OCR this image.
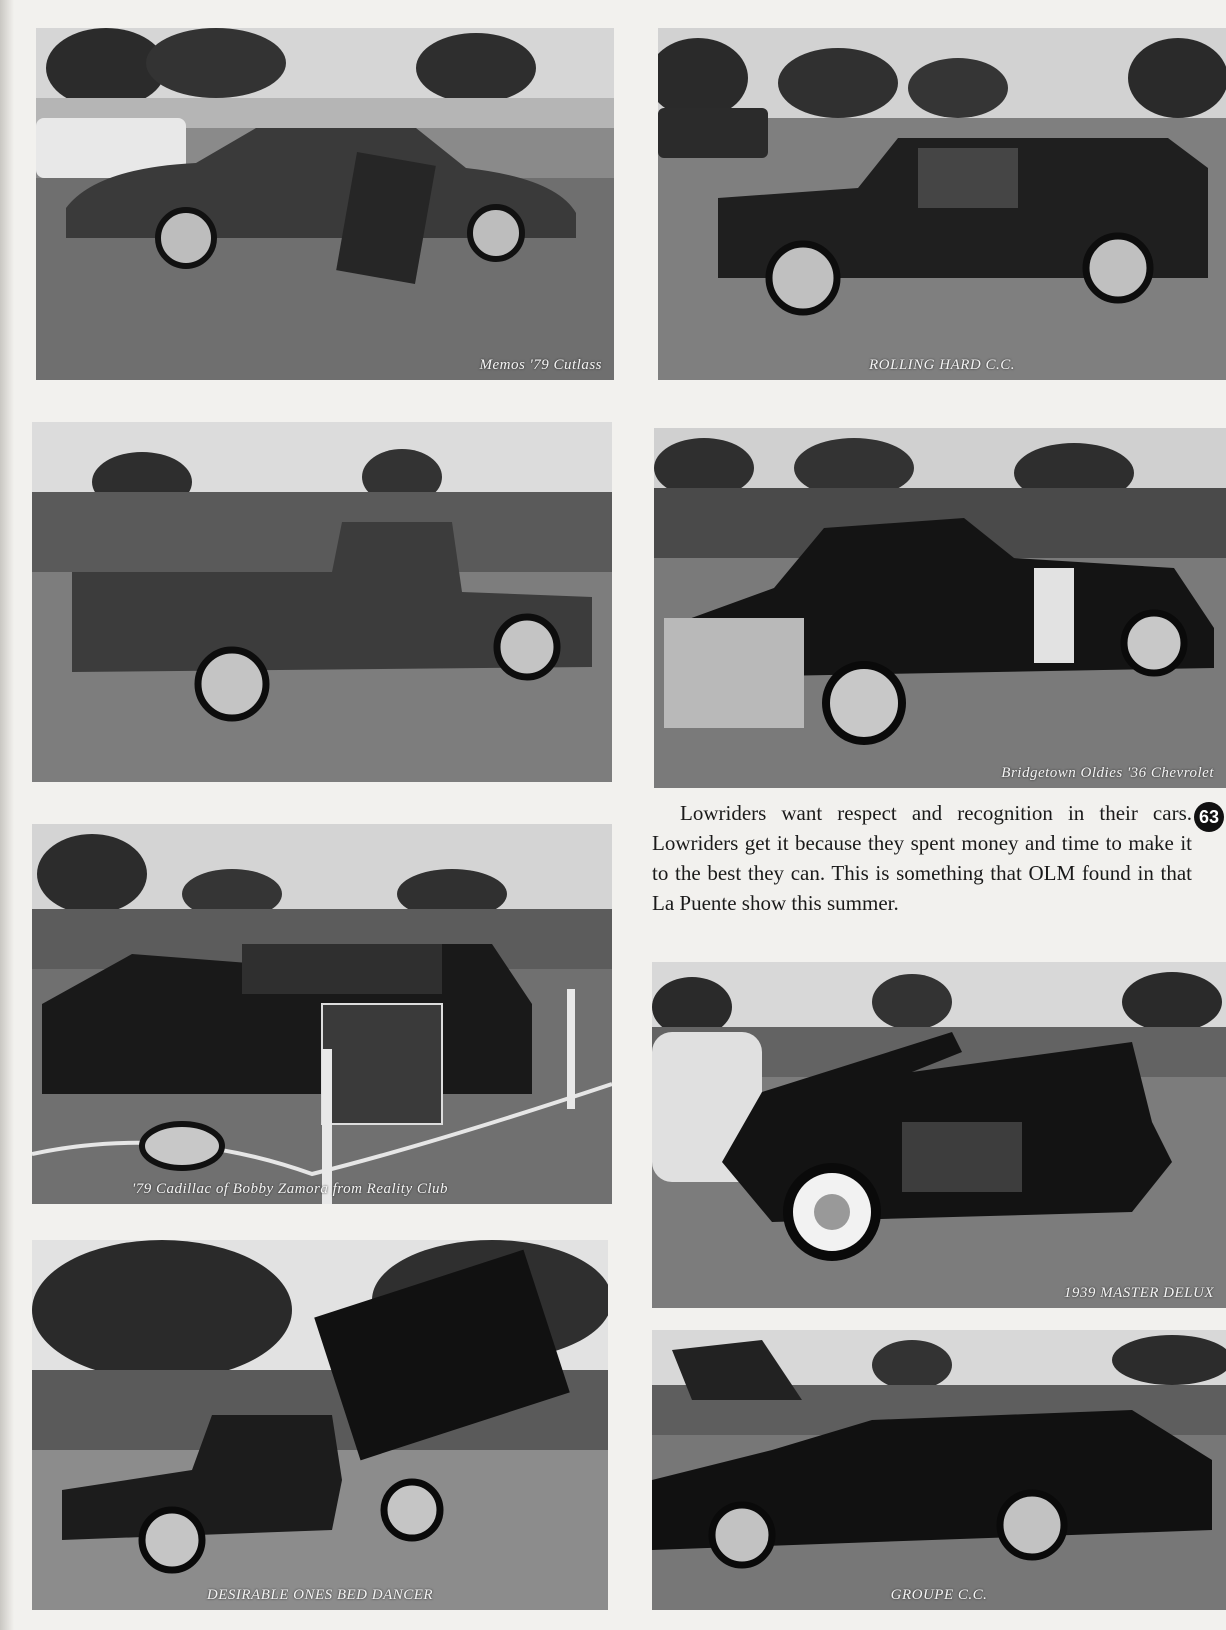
Memos '79 Cutlass	ROLLING HARD C.C.
Bridgetown Oldies '36 Chevrolet
'79 Cadillac of Bobby Zamora from Reality Club
1939 MASTER DELUX
DESIRABLE ONES BED DANCER	GROUPE C.C.
Lowriders want respect and recognition in their cars. Lowriders get it because they spent money and time to make it to the best they can. This is something that OLM found in that La Puente show this summer.
63
